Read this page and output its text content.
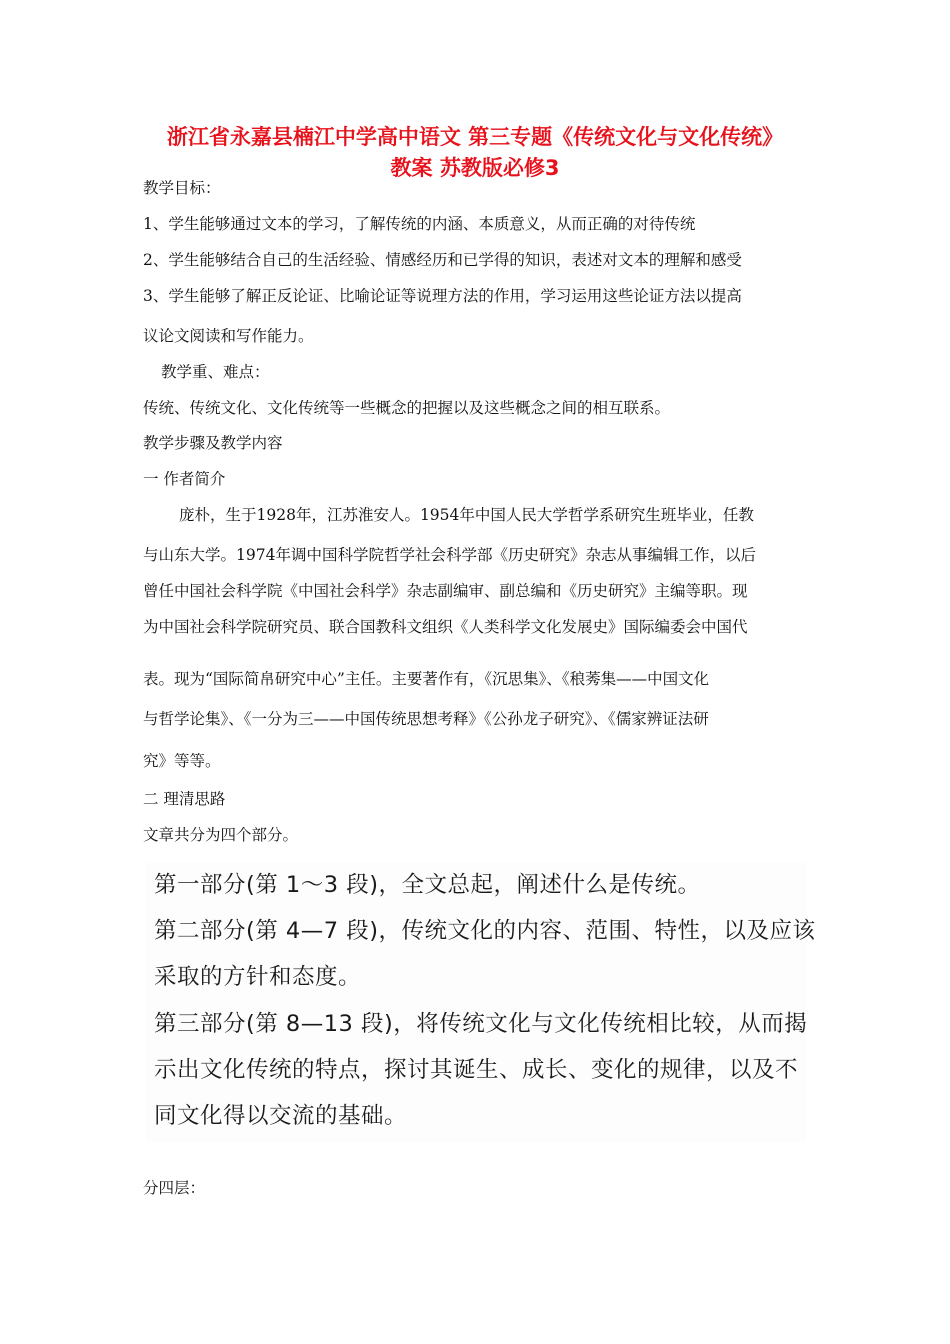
浙江省永嘉县楠江中学高中语文 第三专题《传统文化与文化传统》
教案 苏教版必修3
教学目标：
1、学生能够通过文本的学习，了解传统的内涵、本质意义，从而正确的对待传统
2、学生能够结合自己的生活经验、情感经历和已学得的知识，表述对文本的理解和感受
3、学生能够了解正反论证、比喻论证等说理方法的作用，学习运用这些论证方法以提高
议论文阅读和写作能力。
教学重、难点：
传统、传统文化、文化传统等一些概念的把握以及这些概念之间的相互联系。
教学步骤及教学内容
一 作者简介
庞朴，生于1928年，江苏淮安人。1954年中国人民大学哲学系研究生班毕业，任教
与山东大学。1974年调中国科学院哲学社会科学部《历史研究》杂志从事编辑工作，以后
曾任中国社会科学院《中国社会科学》杂志副编审、副总编和《历史研究》主编等职。现
为中国社会科学院研究员、联合国教科文组织《人类科学文化发展史》国际编委会中国代
表。现为“国际简帛研究中心”主任。主要著作有，《沉思集》、《稂莠集——中国文化
与哲学论集》、《一分为三——中国传统思想考释》《公孙龙子研究》、《儒家辨证法研
究》等等。
二 理清思路
文章共分为四个部分。
第一部分(第 1～3 段)，全文总起，阐述什么是传统。
第二部分(第 4—7 段)，传统文化的内容、范围、特性，以及应该
采取的方针和态度。
第三部分(第 8—13 段)，将传统文化与文化传统相比较，从而揭
示出文化传统的特点，探讨其诞生、成长、变化的规律，以及不
同文化得以交流的基础。
分四层：
